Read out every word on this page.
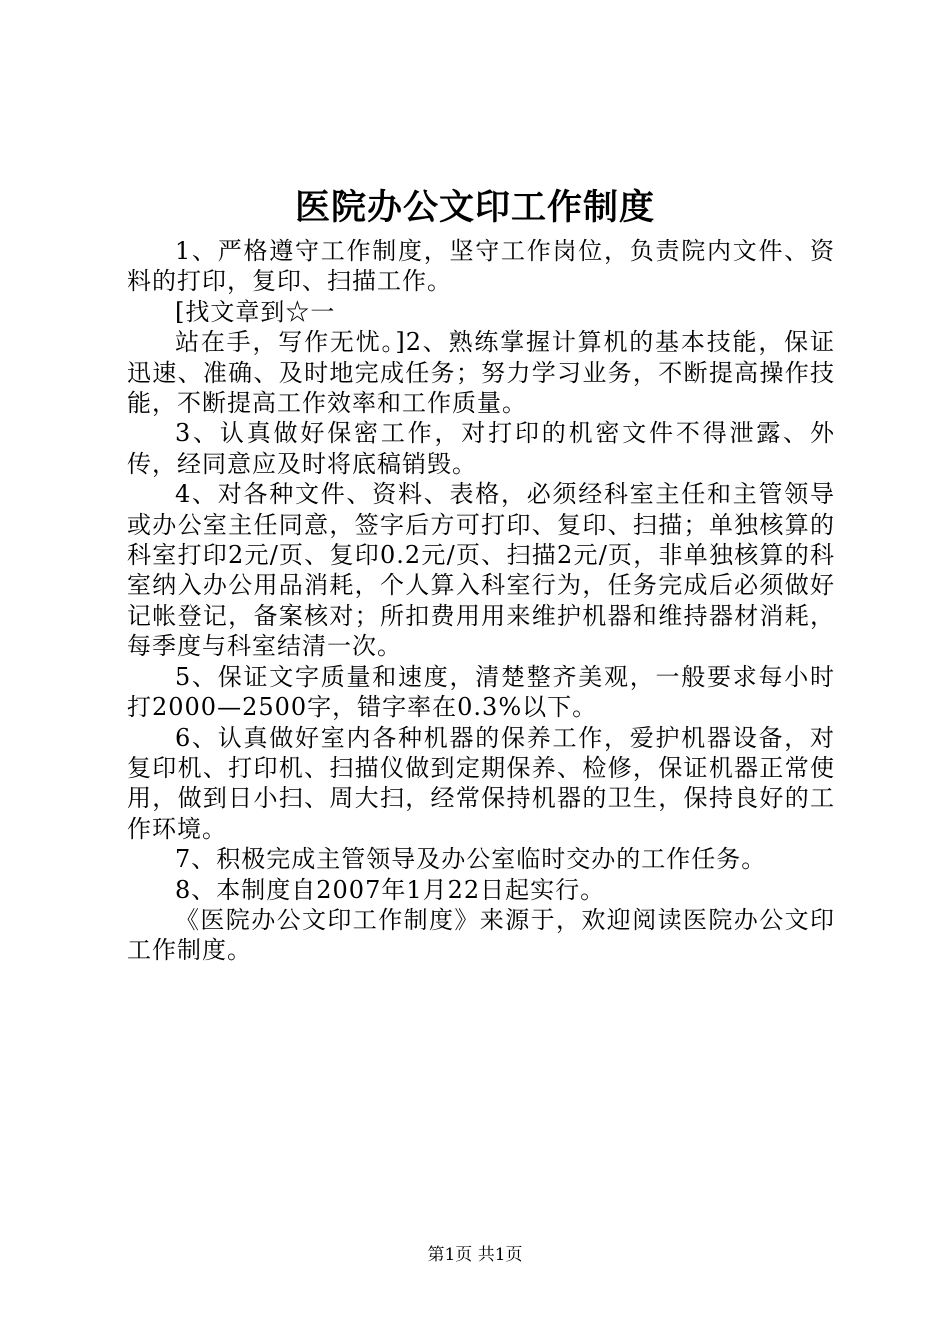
医院办公文印工作制度

1、严格遵守工作制度，坚守工作岗位，负责院内文件、资料的打印，复印、扫描工作。

[找文章到☆一

站在手，写作无忧。]2、熟练掌握计算机的基本技能，保证迅速、准确、及时地完成任务；努力学习业务，不断提高操作技能，不断提高工作效率和工作质量。

3、认真做好保密工作，对打印的机密文件不得泄露、外传，经同意应及时将底稿销毁。

4、对各种文件、资料、表格，必须经科室主任和主管领导或办公室主任同意，签字后方可打印、复印、扫描；单独核算的科室打印2元/页、复印0.2元/页、扫描2元/页，非单独核算的科室纳入办公用品消耗，个人算入科室行为，任务完成后必须做好记帐登记，备案核对；所扣费用用来维护机器和维持器材消耗，每季度与科室结清一次。

5、保证文字质量和速度，清楚整齐美观，一般要求每小时打2000—2500字，错字率在0.3%以下。

6、认真做好室内各种机器的保养工作，爱护机器设备，对复印机、打印机、扫描仪做到定期保养、检修，保证机器正常使用，做到日小扫、周大扫，经常保持机器的卫生，保持良好的工作环境。

7、积极完成主管领导及办公室临时交办的工作任务。

8、本制度自2007年1月22日起实行。

《医院办公文印工作制度》来源于，欢迎阅读医院办公文印工作制度。

第1页 共1页
